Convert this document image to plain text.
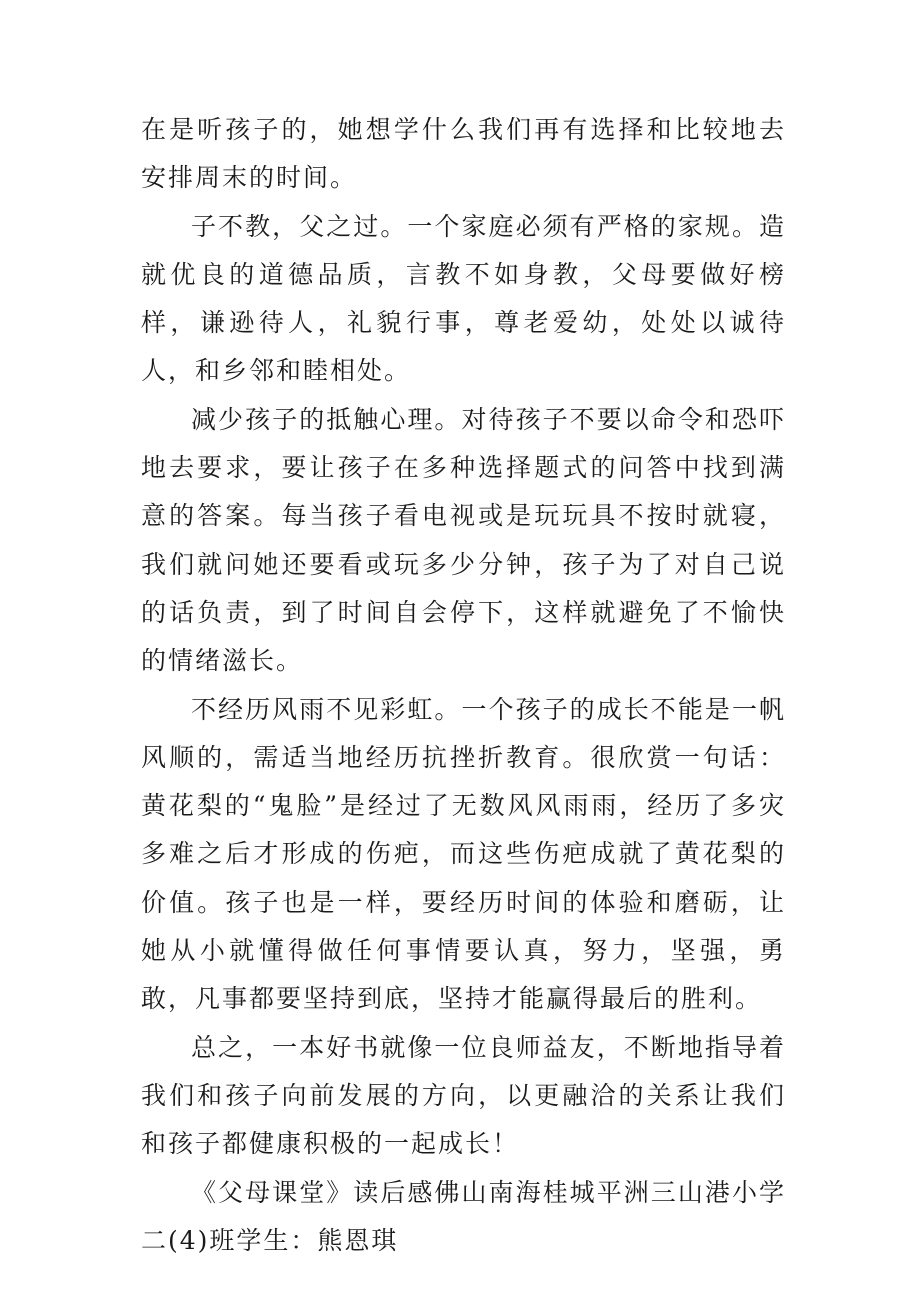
在是听孩子的，她想学什么我们再有选择和比较地去安排周末的时间。

子不教，父之过。一个家庭必须有严格的家规。造就优良的道德品质，言教不如身教，父母要做好榜样，谦逊待人，礼貌行事，尊老爱幼，处处以诚待人，和乡邻和睦相处。

减少孩子的抵触心理。对待孩子不要以命令和恐吓地去要求，要让孩子在多种选择题式的问答中找到满意的答案。每当孩子看电视或是玩玩具不按时就寝，我们就问她还要看或玩多少分钟，孩子为了对自己说的话负责，到了时间自会停下，这样就避免了不愉快的情绪滋长。

不经历风雨不见彩虹。一个孩子的成长不能是一帆风顺的，需适当地经历抗挫折教育。很欣赏一句话：黄花梨的“鬼脸”是经过了无数风风雨雨，经历了多灾多难之后才形成的伤疤，而这些伤疤成就了黄花梨的价值。孩子也是一样，要经历时间的体验和磨砺，让她从小就懂得做任何事情要认真，努力，坚强，勇敢，凡事都要坚持到底，坚持才能赢得最后的胜利。

总之，一本好书就像一位良师益友，不断地指导着我们和孩子向前发展的方向，以更融洽的关系让我们和孩子都健康积极的一起成长！

《父母课堂》读后感佛山南海桂城平洲三山港小学二(4)班学生：熊恩琪
